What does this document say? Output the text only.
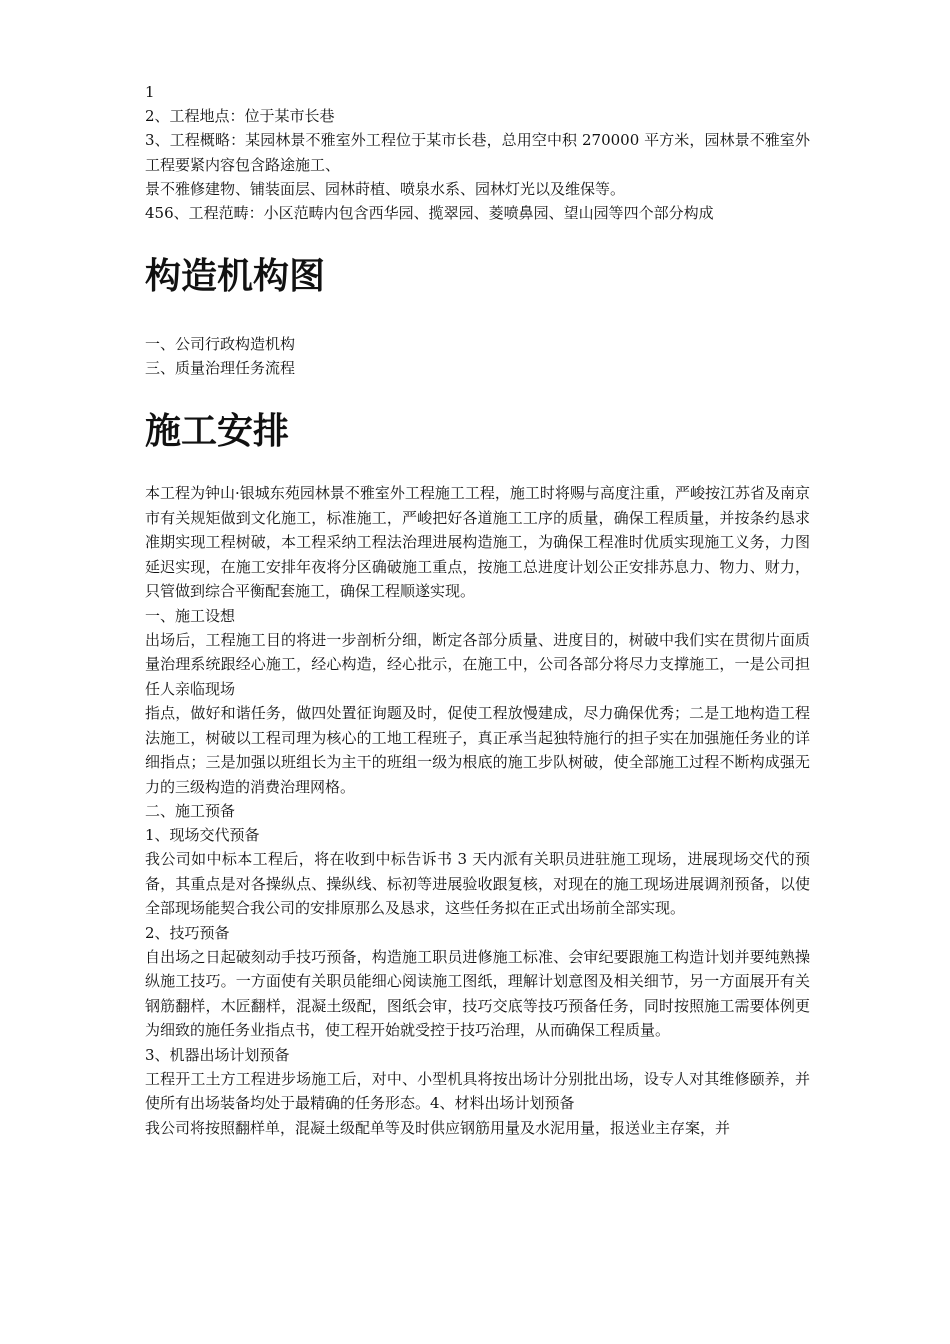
1

2、工程地点：位于某市长巷

3、工程概略：某园林景不雅室外工程位于某市长巷，总用空中积 270000 平方米，园林景不雅室外工程要紧内容包含路途施工、

景不雅修建物、铺装面层、园林莳植、喷泉水系、园林灯光以及维保等。

456、工程范畴：小区范畴内包含西华园、揽翠园、菱喷鼻园、望山园等四个部分构成

构造机构图

一、公司行政构造机构

三、质量治理任务流程

施工安排

本工程为钟山·银城东苑园林景不雅室外工程施工工程，施工时将赐与高度注重，严峻按江苏省及南京市有关规矩做到文化施工，标准施工，严峻把好各道施工工序的质量，确保工程质量，并按条约恳求准期实现工程树破，本工程采纳工程法治理进展构造施工，为确保工程准时优质实现施工义务，力图延迟实现，在施工安排年夜将分区确破施工重点，按施工总进度计划公正安排苏息力、物力、财力，只管做到综合平衡配套施工，确保工程顺遂实现。

一、施工设想

出场后，工程施工目的将进一步剖析分细，断定各部分质量、进度目的，树破中我们实在贯彻片面质量治理系统跟经心施工，经心构造，经心批示，在施工中，公司各部分将尽力支撑施工，一是公司担任人亲临现场

指点，做好和谐任务，做四处置征询题及时，促使工程放慢建成，尽力确保优秀；二是工地构造工程法施工，树破以工程司理为核心的工地工程班子，真正承当起独特施行的担子实在加强施任务业的详细指点；三是加强以班组长为主干的班组一级为根底的施工步队树破，使全部施工过程不断构成强无力的三级构造的消费治理网格。

二、施工预备

1、现场交代预备

我公司如中标本工程后，将在收到中标告诉书 3 天内派有关职员进驻施工现场，进展现场交代的预备，其重点是对各操纵点、操纵线、标初等进展验收跟复核，对现在的施工现场进展调剂预备，以使全部现场能契合我公司的安排原那么及恳求，这些任务拟在正式出场前全部实现。

2、技巧预备

自出场之日起破刻动手技巧预备，构造施工职员进修施工标准、会审纪要跟施工构造计划并要纯熟操纵施工技巧。一方面使有关职员能细心阅读施工图纸，理解计划意图及相关细节，另一方面展开有关钢筋翻样，木匠翻样，混凝土级配，图纸会审，技巧交底等技巧预备任务，同时按照施工需要体例更为细致的施任务业指点书，使工程开始就受控于技巧治理，从而确保工程质量。

3、机器出场计划预备

工程开工土方工程进步场施工后，对中、小型机具将按出场计分别批出场，设专人对其维修颐养，并使所有出场装备均处于最精确的任务形态。4、材料出场计划预备

我公司将按照翻样单，混凝土级配单等及时供应钢筋用量及水泥用量，报送业主存案，并
